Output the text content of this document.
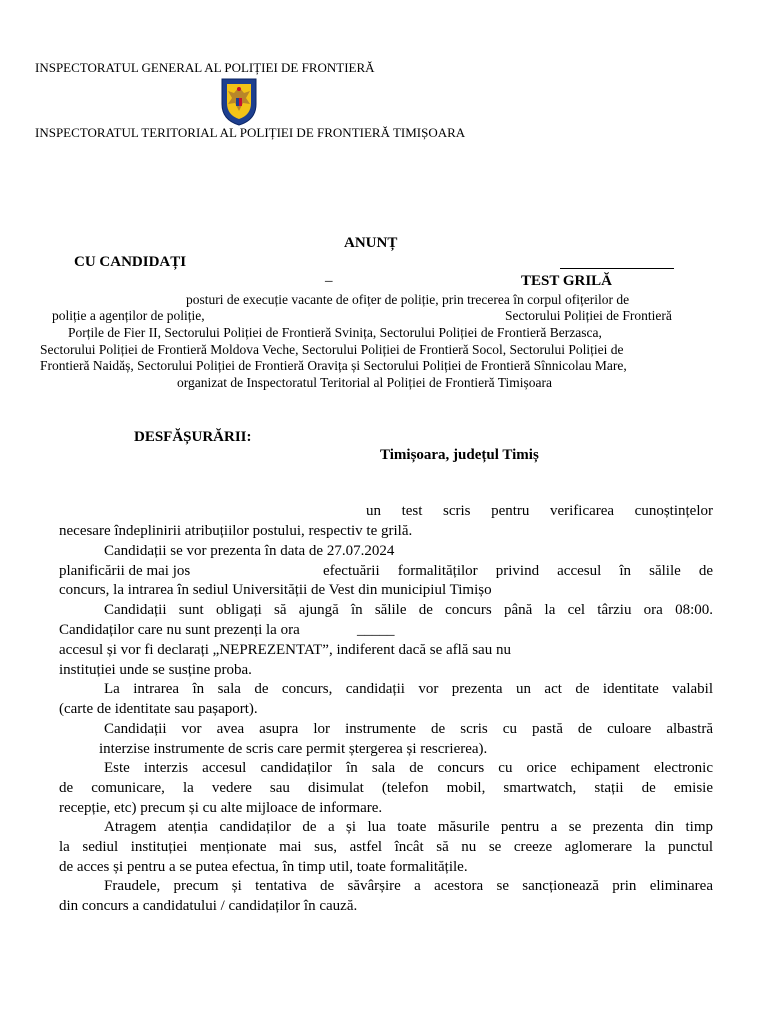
INSPECTORATUL GENERAL AL POLIȚIEI DE FRONTIERĂ
INSPECTORATUL TERITORIAL AL POLIȚIEI DE FRONTIERĂ TIMIȘOARA
ANUNȚ
CU CANDIDAȚI
–	TEST GRILĂ
posturi de execuție vacante de ofițer de poliție, prin trecerea în corpul ofițerilor de
poliție a agenților de poliție,	Sectorului Poliției de Frontieră
Porțile de Fier II, Sectorului Poliției de Frontieră Svinița, Sectorului Poliției de Frontieră Berzasca,
Sectorului Poliției de Frontieră Moldova Veche, Sectorului Poliției de Frontieră Socol, Sectorului Poliției de
Frontieră Naidăș, Sectorului Poliției de Frontieră Oravița și Sectorului Poliției de Frontieră Sînnicolau Mare,
organizat de Inspectoratul Teritorial al Poliției de Frontieră Timișoara
DESFĂȘURĂRII:
Timișoara, județul Timiș
un test scris pentru verificarea cunoștințelor
necesare îndeplinirii atribuțiilor postului, respectiv te grilă.
Candidații se vor prezenta în data de 27.07.2024
planificării de mai jos	efectuării formalităților privind accesul în sălile de
concurs, la intrarea în sediul Universității de Vest din municipiul Timișo
Candidații sunt obligați să ajungă în sălile de concurs până la cel târziu ora 08:00.
Candidaților care nu sunt prezenți la ora	_____
accesul și vor fi declarați „NEPREZENTAT”, indiferent dacă se află sau nu
instituției unde se susține proba.
La intrarea în sala de concurs, candidații vor prezenta un act de identitate valabil
(carte de identitate sau pașaport).
Candidații vor avea asupra lor instrumente de scris cu pastă de culoare albastră
interzise instrumente de scris care permit ștergerea și rescrierea).
Este interzis accesul candidaților în sala de concurs cu orice echipament electronic
de comunicare, la vedere sau disimulat (telefon mobil, smartwatch, stații de emisie
recepție, etc) precum și cu alte mijloace de informare.
Atragem atenția candidaților de a și lua toate măsurile pentru a se prezenta din timp
la sediul instituției menționate mai sus, astfel încât să nu se creeze aglomerare la punctul
de acces și pentru a se putea efectua, în timp util, toate formalitățile.
Fraudele, precum și tentativa de săvârșire a acestora se sancționează prin eliminarea
din concurs a candidatului / candidaților în cauză.
